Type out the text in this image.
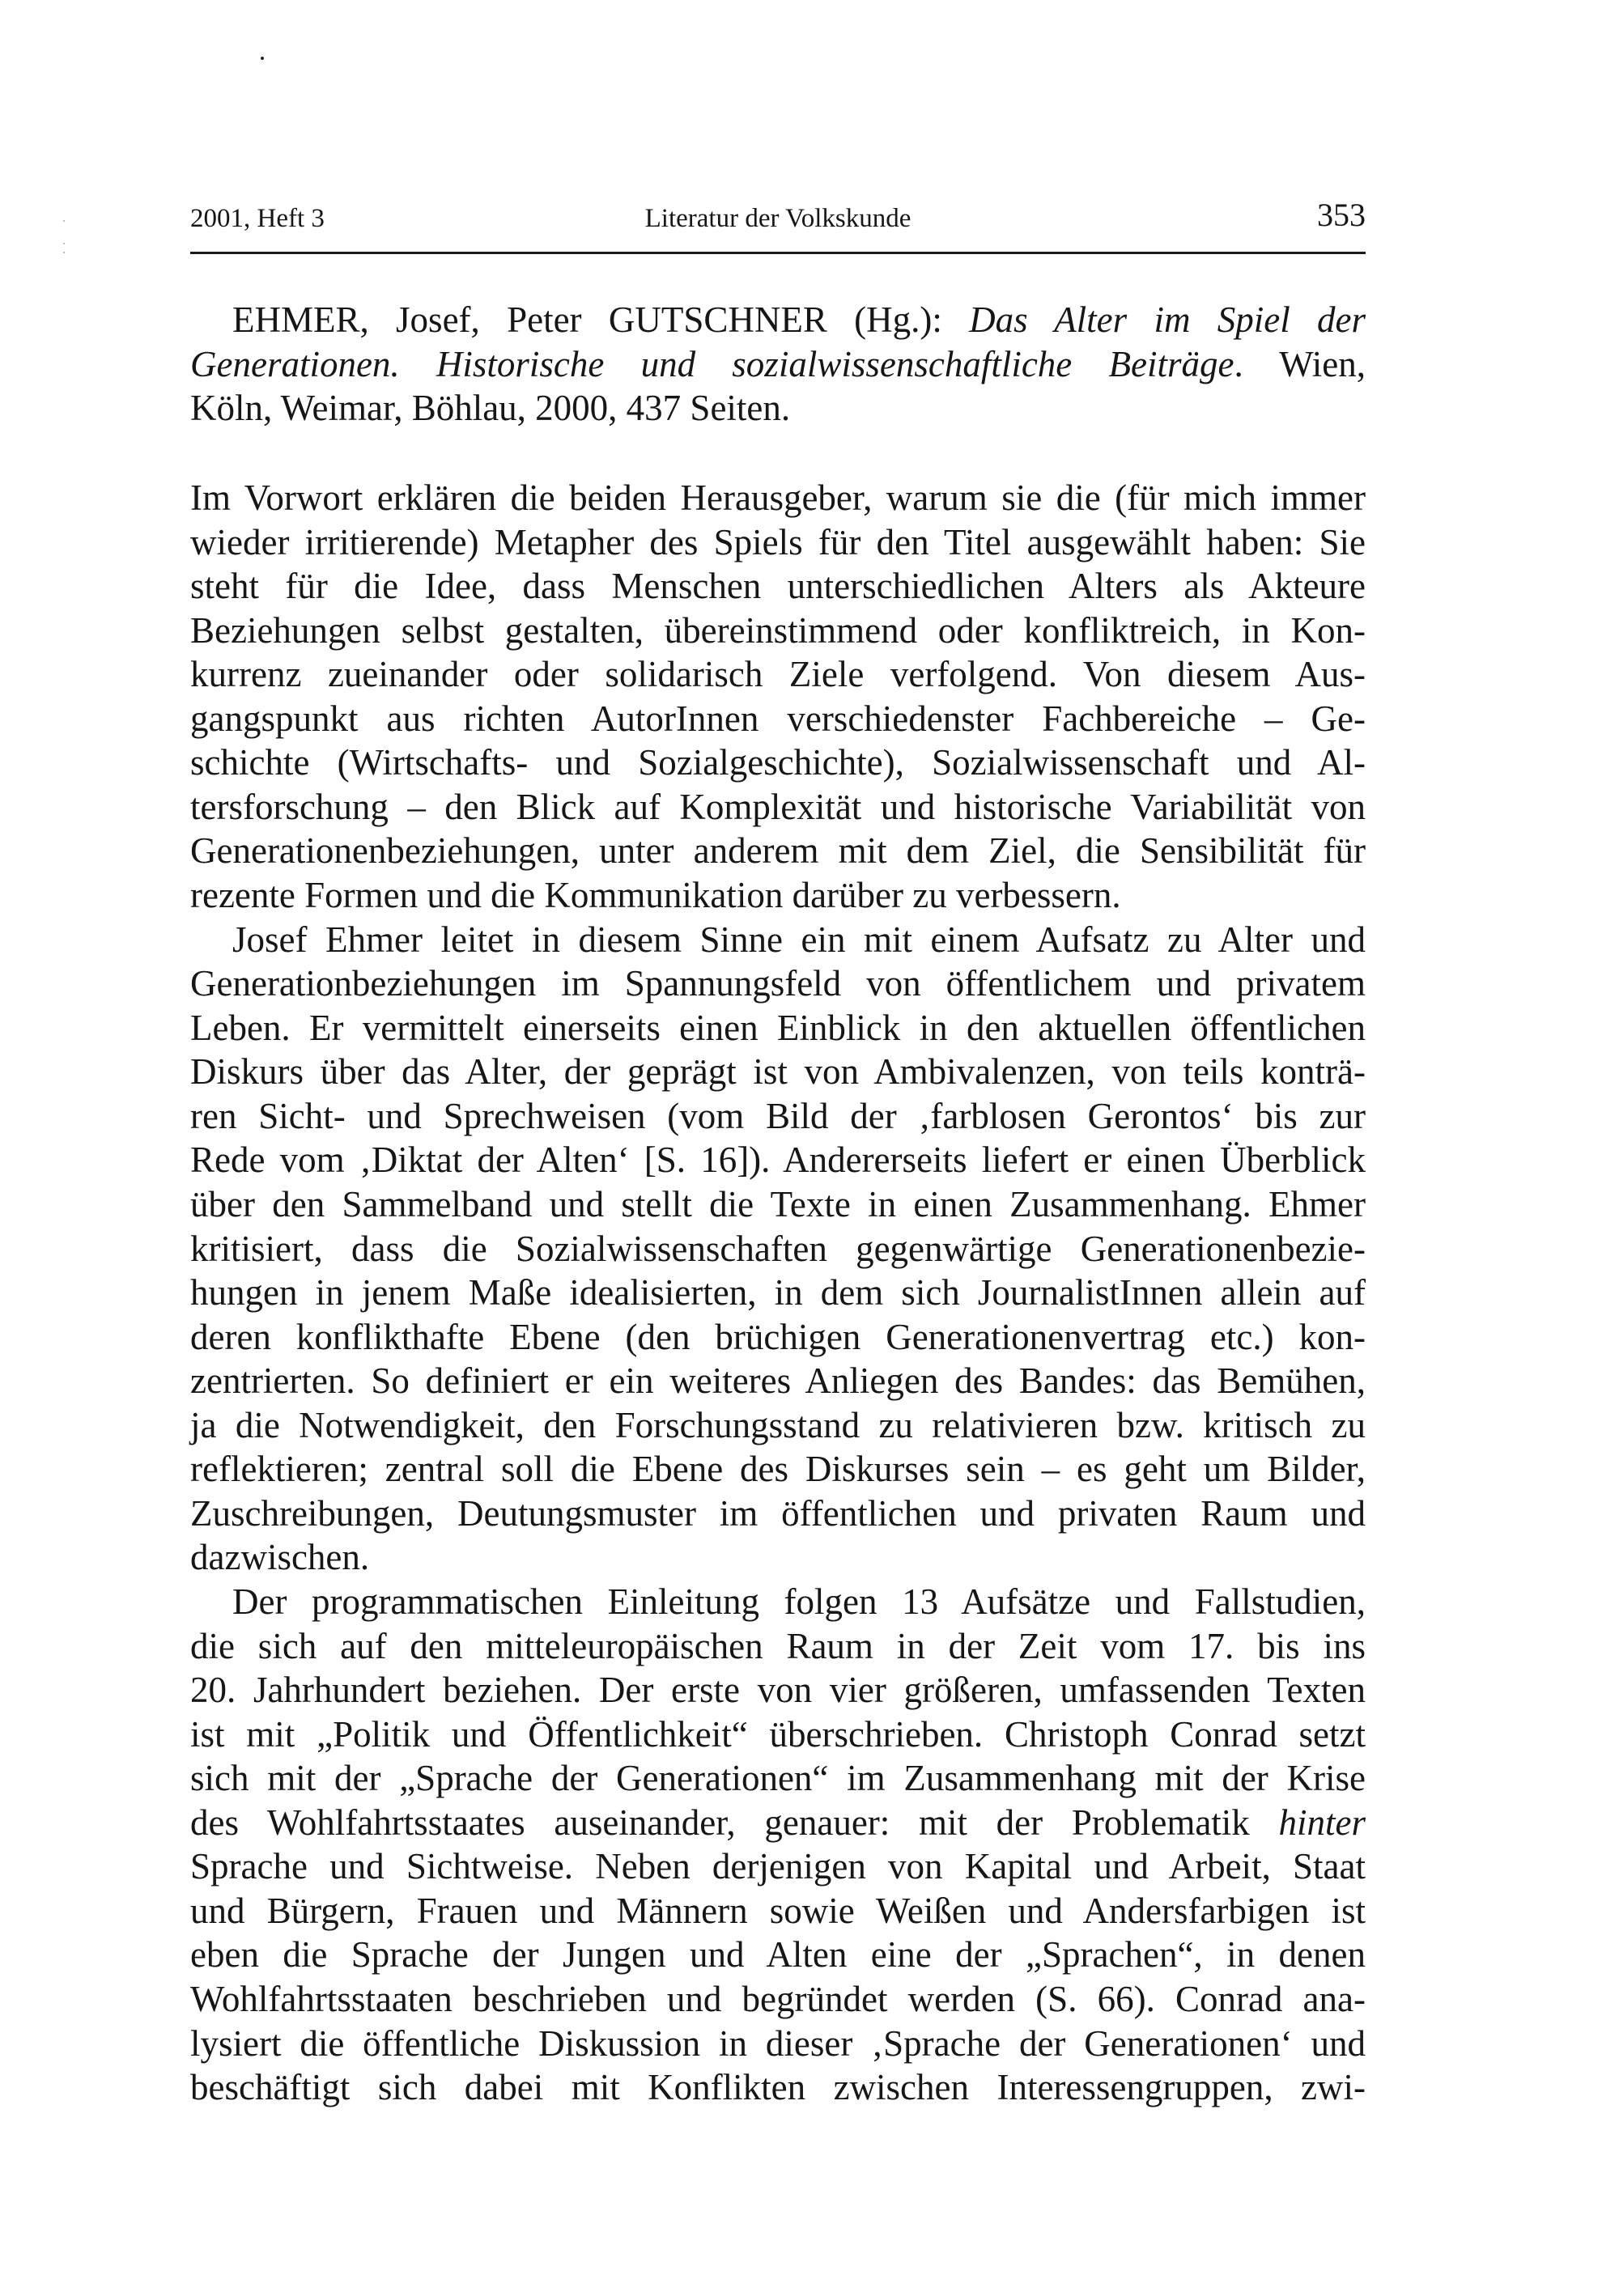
2001, Heft 3	Literatur der Volkskunde	353
EHMER, Josef, Peter GUTSCHNER (Hg.): Das Alter im Spiel der
Generationen. Historische und sozialwissenschaftliche Beiträge. Wien,
Köln, Weimar, Böhlau, 2000, 437 Seiten.
Im Vorwort erklären die beiden Herausgeber, warum sie die (für mich immer
wieder irritierende) Metapher des Spiels für den Titel ausgewählt haben: Sie
steht für die Idee, dass Menschen unterschiedlichen Alters als Akteure
Beziehungen selbst gestalten, übereinstimmend oder konfliktreich, in Kon-
kurrenz zueinander oder solidarisch Ziele verfolgend. Von diesem Aus-
gangspunkt aus richten AutorInnen verschiedenster Fachbereiche – Ge-
schichte (Wirtschafts- und Sozialgeschichte), Sozialwissenschaft und Al-
tersforschung – den Blick auf Komplexität und historische Variabilität von
Generationenbeziehungen, unter anderem mit dem Ziel, die Sensibilität für
rezente Formen und die Kommunikation darüber zu verbessern.
Josef Ehmer leitet in diesem Sinne ein mit einem Aufsatz zu Alter und
Generationbeziehungen im Spannungsfeld von öffentlichem und privatem
Leben. Er vermittelt einerseits einen Einblick in den aktuellen öffentlichen
Diskurs über das Alter, der geprägt ist von Ambivalenzen, von teils konträ-
ren Sicht- und Sprechweisen (vom Bild der ‚farblosen Gerontos‘ bis zur
Rede vom ‚Diktat der Alten‘ [S. 16]). Andererseits liefert er einen Überblick
über den Sammelband und stellt die Texte in einen Zusammenhang. Ehmer
kritisiert, dass die Sozialwissenschaften gegenwärtige Generationenbezie-
hungen in jenem Maße idealisierten, in dem sich JournalistInnen allein auf
deren konflikthafte Ebene (den brüchigen Generationenvertrag etc.) kon-
zentrierten. So definiert er ein weiteres Anliegen des Bandes: das Bemühen,
ja die Notwendigkeit, den Forschungsstand zu relativieren bzw. kritisch zu
reflektieren; zentral soll die Ebene des Diskurses sein – es geht um Bilder,
Zuschreibungen, Deutungsmuster im öffentlichen und privaten Raum und
dazwischen.
Der programmatischen Einleitung folgen 13 Aufsätze und Fallstudien,
die sich auf den mitteleuropäischen Raum in der Zeit vom 17. bis ins
20. Jahrhundert beziehen. Der erste von vier größeren, umfassenden Texten
ist mit „Politik und Öffentlichkeit“ überschrieben. Christoph Conrad setzt
sich mit der „Sprache der Generationen“ im Zusammenhang mit der Krise
des Wohlfahrtsstaates auseinander, genauer: mit der Problematik hinter
Sprache und Sichtweise. Neben derjenigen von Kapital und Arbeit, Staat
und Bürgern, Frauen und Männern sowie Weißen und Andersfarbigen ist
eben die Sprache der Jungen und Alten eine der „Sprachen“, in denen
Wohlfahrtsstaaten beschrieben und begründet werden (S. 66). Conrad ana-
lysiert die öffentliche Diskussion in dieser ‚Sprache der Generationen‘ und
beschäftigt sich dabei mit Konflikten zwischen Interessengruppen, zwi-
